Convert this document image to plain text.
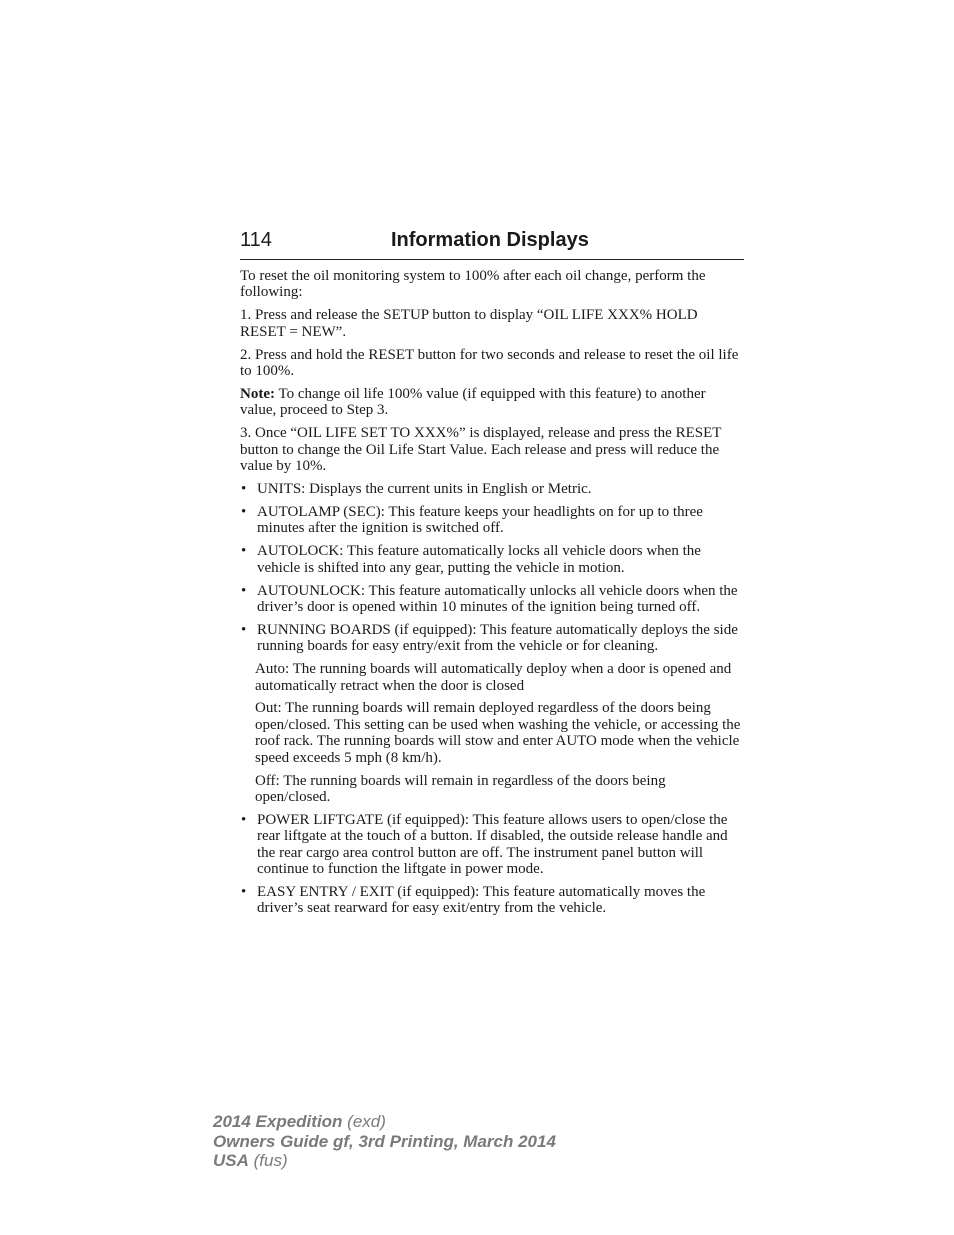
114	Information Displays

To reset the oil monitoring system to 100% after each oil change, perform the following:

1. Press and release the SETUP button to display “OIL LIFE XXX% HOLD RESET = NEW”.

2. Press and hold the RESET button for two seconds and release to reset the oil life to 100%.

Note: To change oil life 100% value (if equipped with this feature) to another value, proceed to Step 3.

3. Once “OIL LIFE SET TO XXX%” is displayed, release and press the RESET button to change the Oil Life Start Value. Each release and press will reduce the value by 10%.

• UNITS: Displays the current units in English or Metric.
• AUTOLAMP (SEC): This feature keeps your headlights on for up to three minutes after the ignition is switched off.
• AUTOLOCK: This feature automatically locks all vehicle doors when the vehicle is shifted into any gear, putting the vehicle in motion.
• AUTOUNLOCK: This feature automatically unlocks all vehicle doors when the driver’s door is opened within 10 minutes of the ignition being turned off.
• RUNNING BOARDS (if equipped): This feature automatically deploys the side running boards for easy entry/exit from the vehicle or for cleaning.

Auto: The running boards will automatically deploy when a door is opened and automatically retract when the door is closed

Out: The running boards will remain deployed regardless of the doors being open/closed. This setting can be used when washing the vehicle, or accessing the roof rack. The running boards will stow and enter AUTO mode when the vehicle speed exceeds 5 mph (8 km/h).

Off: The running boards will remain in regardless of the doors being open/closed.

• POWER LIFTGATE (if equipped): This feature allows users to open/close the rear liftgate at the touch of a button. If disabled, the outside release handle and the rear cargo area control button are off. The instrument panel button will continue to function the liftgate in power mode.
• EASY ENTRY / EXIT (if equipped): This feature automatically moves the driver’s seat rearward for easy exit/entry from the vehicle.
2014 Expedition (exd)
Owners Guide gf, 3rd Printing, March 2014
USA (fus)
